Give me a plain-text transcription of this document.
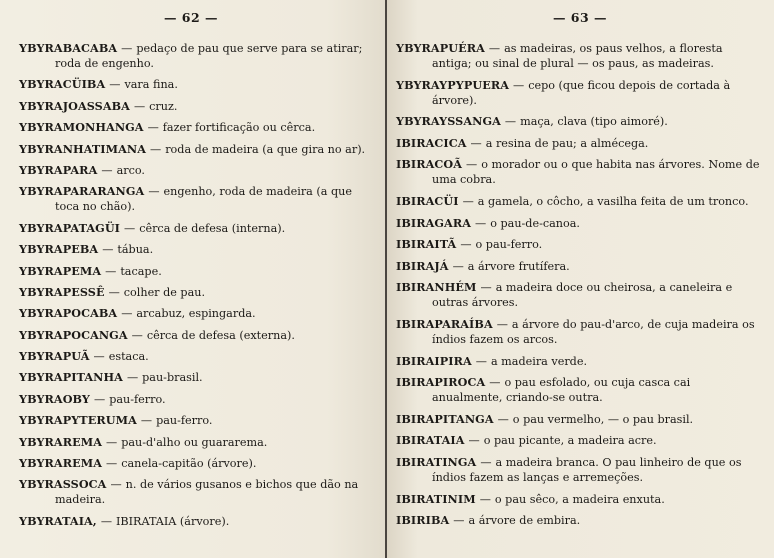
— 62 —

YBYRABACABA — pedaço de pau que serve para se atirar; roda de engenho.

YBYRACÜIBA — vara fina.

YBYRAJOASSABA — cruz.

YBYRAMONHANGA — fazer fortificação ou cêrca.

YBYRANHATIMANA — roda de madeira (a que gira no ar).

YBYRAPARA — arco.

YBYRAPARARANGA — engenho, roda de madeira (a que toca no chão).

YBYRAPATAGÜI — cêrca de defesa (interna).

YBYRAPEBA — tábua.

YBYRAPEMA — tacape.

YBYRAPESSÊ — colher de pau.

YBYRAPOCABA — arcabuz, espingarda.

YBYRAPOCANGA — cêrca de defesa (externa).

YBYRAPUÃ — estaca.

YBYRAPITANHA — pau-brasil.

YBYRAOBY — pau-ferro.

YBYRAPYTERUMA — pau-ferro.

YBYRAREMA — pau-d'alho ou guararema.

YBYRAREMA — canela-capitão (árvore).

YBYRASSOCA — n. de vários gusanos e bichos que dão na madeira.

YBYRATAIA, — IBIRATAIA (árvore).

— 63 —

YBYRAPUÉRA — as madeiras, os paus velhos, a floresta antiga; ou sinal de plural — os paus, as madeiras.

YBYRAYPYPUERA — cepo (que ficou depois de cortada à árvore).

YBYRAYSSANGA — maça, clava (tipo aimoré).

IBIRACICA — a resina de pau; a almécega.

IBIRACOÃ — o morador ou o que habita nas árvores. Nome de uma cobra.

IBIRACÜI — a gamela, o côcho, a vasilha feita de um tronco.

IBIRAGARA — o pau-de-canoa.

IBIRAITÃ — o pau-ferro.

IBIRAJÁ — a árvore frutífera.

IBIRANHÉM — a madeira doce ou cheirosa, a caneleira e outras árvores.

IBIRAPARAÍBA — a árvore do pau-d'arco, de cuja madeira os índios fazem os arcos.

IBIRAIPIRA — a madeira verde.

IBIRAPIROCA — o pau esfolado, ou cuja casca cai anualmente, criando-se outra.

IBIRAPITANGA — o pau vermelho, — o pau brasil.

IBIRATAIA — o pau picante, a madeira acre.

IBIRATINGA — a madeira branca. O pau linheiro de que os índios fazem as lanças e arremeções.

IBIRATINIM — o pau sêco, a madeira enxuta.

IBIRIBA — a árvore de embira.
